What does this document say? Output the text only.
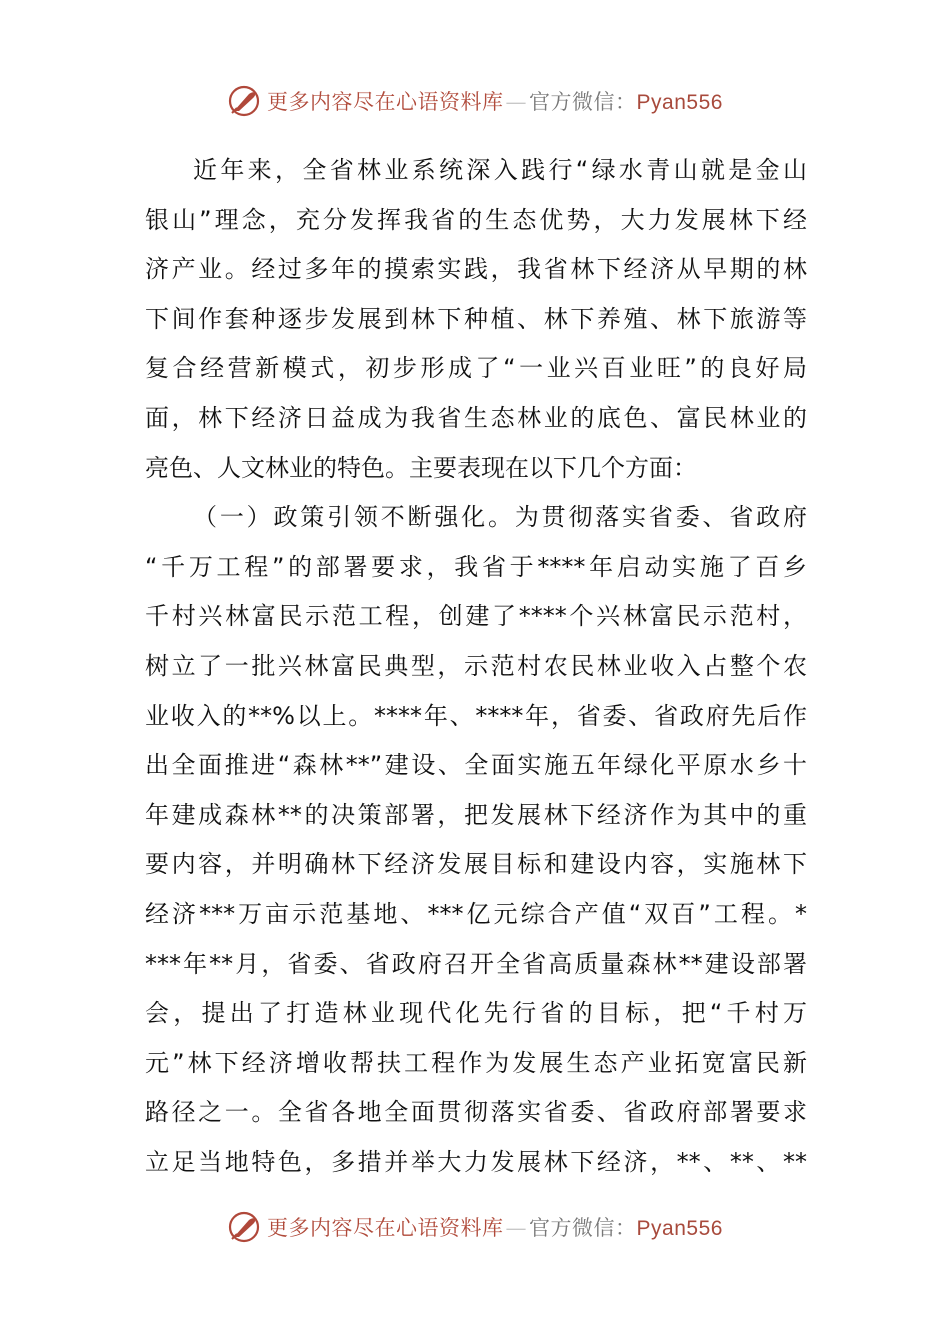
更多内容尽在心语资料库—官方微信：Pyan556
近年来，全省林业系统深入践行“绿水青山就是金山
银山”理念，充分发挥我省的生态优势，大力发展林下经
济产业。经过多年的摸索实践，我省林下经济从早期的林
下间作套种逐步发展到林下种植、林下养殖、林下旅游等
复合经营新模式，初步形成了“一业兴百业旺”的良好局
面，林下经济日益成为我省生态林业的底色、富民林业的
亮色、人文林业的特色。主要表现在以下几个方面：
（一）政策引领不断强化。为贯彻落实省委、省政府
“千万工程”的部署要求，我省于****年启动实施了百乡
千村兴林富民示范工程，创建了****个兴林富民示范村，
树立了一批兴林富民典型，示范村农民林业收入占整个农
业收入的**%以上。****年、****年，省委、省政府先后作
出全面推进“森林**”建设、全面实施五年绿化平原水乡十
年建成森林**的决策部署，把发展林下经济作为其中的重
要内容，并明确林下经济发展目标和建设内容，实施林下
经济***万亩示范基地、***亿元综合产值“双百”工程。*
***年**月，省委、省政府召开全省高质量森林**建设部署
会，提出了打造林业现代化先行省的目标，把“千村万
元”林下经济增收帮扶工程作为发展生态产业拓宽富民新
路径之一。全省各地全面贯彻落实省委、省政府部署要求
立足当地特色，多措并举大力发展林下经济，**、**、**
更多内容尽在心语资料库—官方微信：Pyan556
